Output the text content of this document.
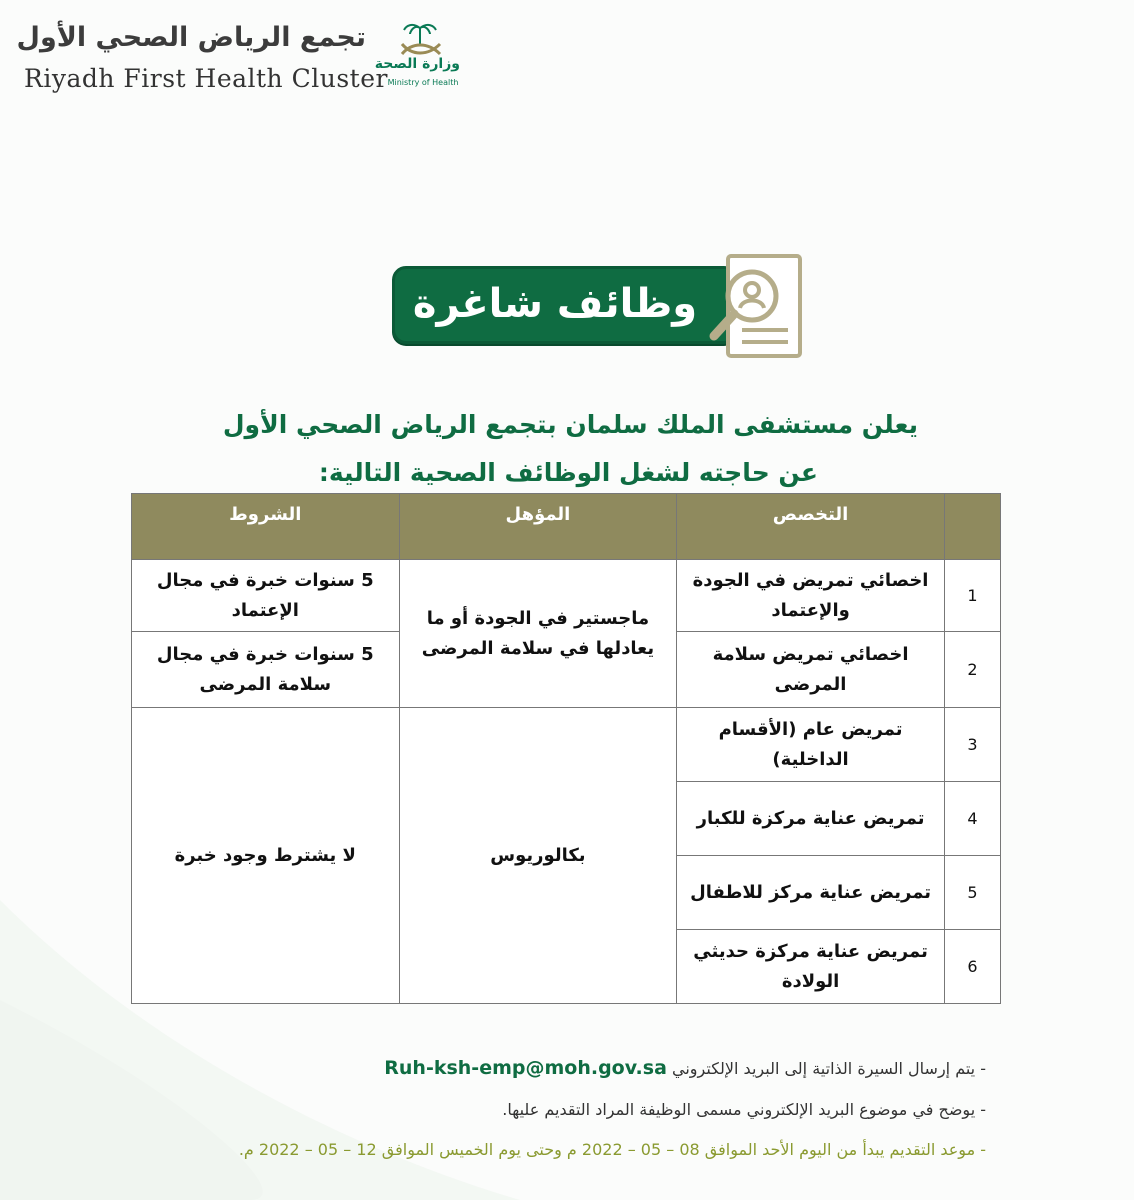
تجمع الرياض الصحي الأول
Riyadh First Health Cluster
وزارة الصحة
Ministry of Health
وظائف شاغرة
يعلن مستشفى الملك سلمان بتجمع الرياض الصحي الأول
عن حاجته لشغل الوظائف الصحية التالية:
	التخصص	المؤهل	الشروط
1	اخصائي تمريض في الجودة والإعتماد	ماجستير في الجودة أو ما يعادلها في سلامة المرضى	5 سنوات خبرة في مجال الإعتماد
2	اخصائي تمريض سلامة المرضى		5 سنوات خبرة في مجال سلامة المرضى
3	تمريض عام (الأقسام الداخلية)	بكالوريوس	لا يشترط وجود خبرة
4	تمريض عناية مركزة للكبار		
5	تمريض عناية مركز للاطفال		
6	تمريض عناية مركزة حديثي الولادة		
- يتم إرسال السيرة الذاتية إلى البريد الإلكتروني Ruh-ksh-emp@moh.gov.sa
- يوضح في موضوع البريد الإلكتروني مسمى الوظيفة المراد التقديم عليها.
- موعد التقديم يبدأ من اليوم الأحد الموافق 08 – 05 – 2022 م وحتى يوم الخميس الموافق 12 – 05 – 2022 م.
